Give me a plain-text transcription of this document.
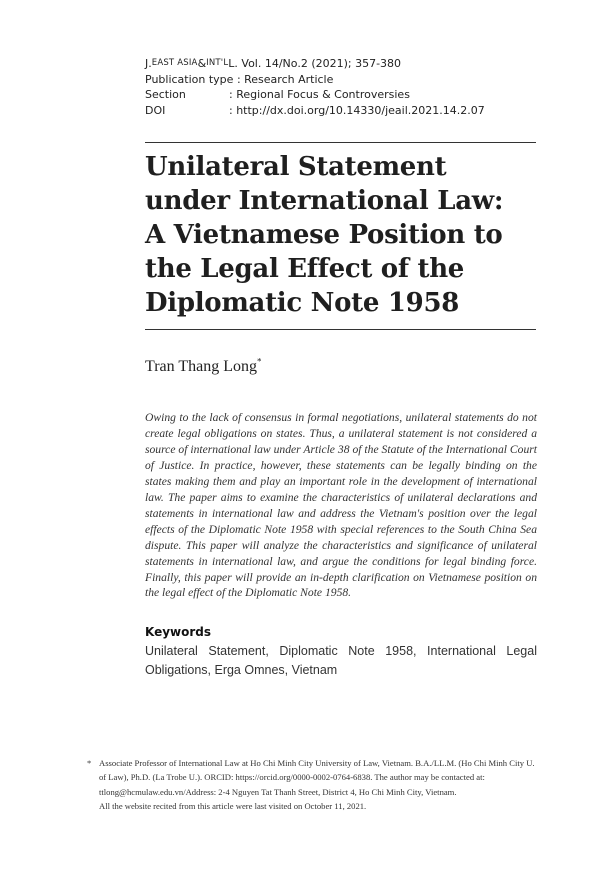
J. EAST ASIA & INT'L L. Vol. 14/No.2 (2021); 357-380
Publication type
: Research Article
Section	: Regional Focus & Controversies
DOI	: http://dx.doi.org/10.14330/jeail.2021.14.2.07
Unilateral Statement
under International Law:
A Vietnamese Position to
the Legal Effect of the
Diplomatic Note 1958
Tran Thang Long*

Owing to the lack of consensus in formal negotiations, unilateral statements do not create legal obligations on states. Thus, a unilateral statement is not considered a source of international law under Article 38 of the Statute of the International Court of Justice. In practice, however, these statements can be legally binding on the states making them and play an important role in the development of international law. The paper aims to examine the characteristics of unilateral declarations and statements in international law and address the Vietnam's position over the legal effects of the Diplomatic Note 1958 with special references to the South China Sea dispute. This paper will analyze the characteristics and significance of unilateral statements in international law, and argue the conditions for legal binding force. Finally, this paper will provide an in-depth clarification on Vietnamese position on the legal effect of the Diplomatic Note 1958.

Keywords

Unilateral Statement, Diplomatic Note 1958, International Legal Obligations, Erga Omnes, Vietnam

* Associate Professor of International Law at Ho Chi Minh City University of Law, Vietnam. B.A./LL.M. (Ho Chi Minh City U. of Law), Ph.D. (La Trobe U.). ORCID: https://orcid.org/0000-0002-0764-6838. The author may be contacted at: ttlong@hcmulaw.edu.vn/Address: 2-4 Nguyen Tat Thanh Street, District 4, Ho Chi Minh City, Vietnam.
All the website recited from this article were last visited on October 11, 2021.
